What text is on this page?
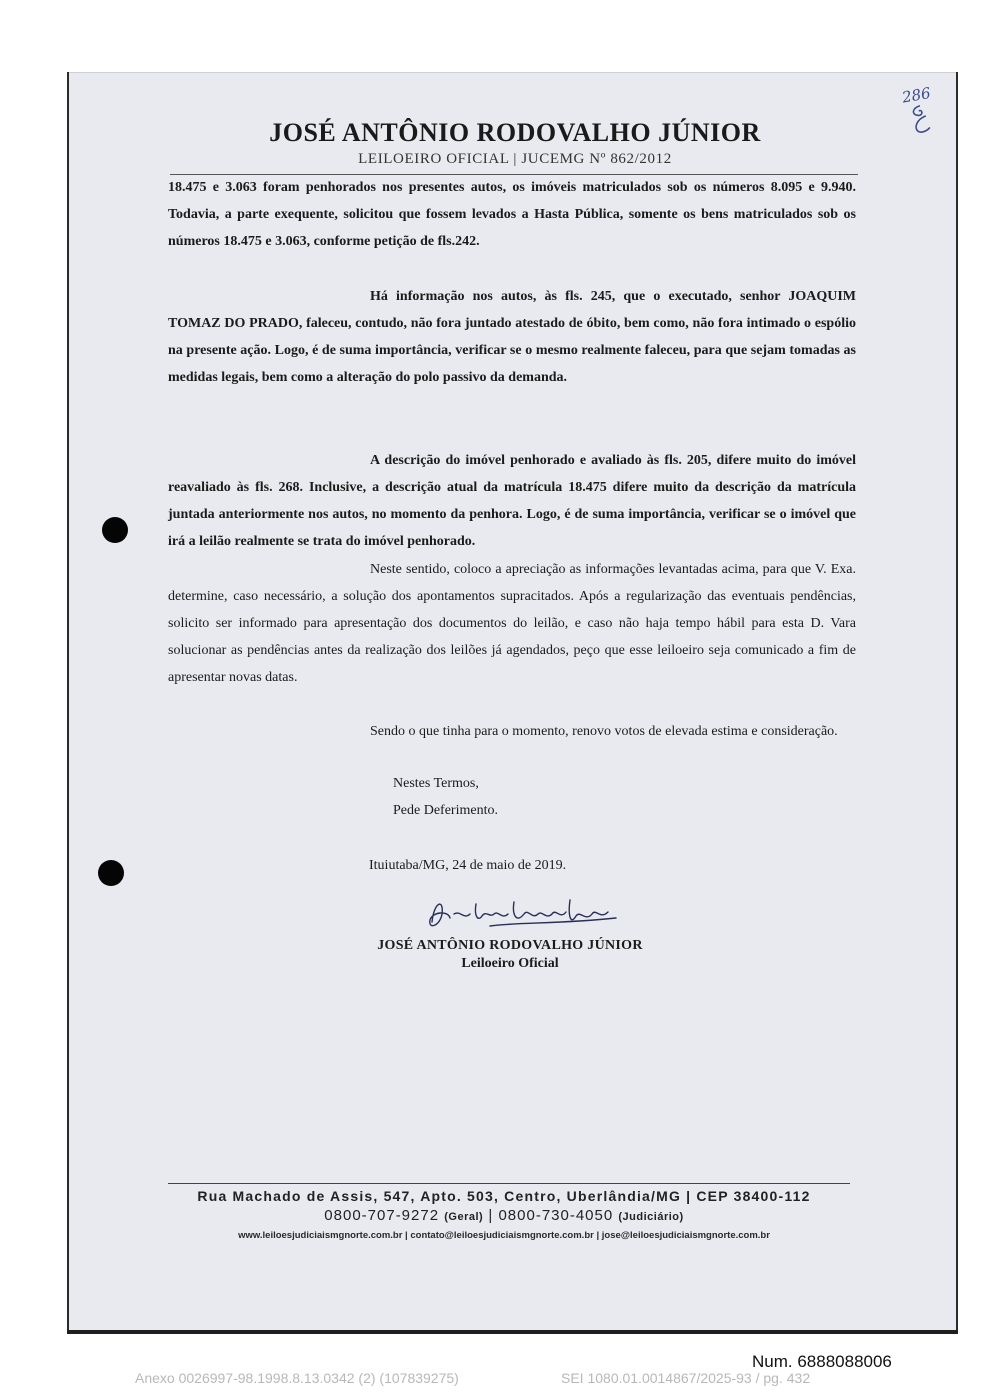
286

JOSÉ ANTÔNIO RODOVALHO JÚNIOR
LEILOEIRO OFICIAL | JUCEMG Nº 862/2012
18.475 e 3.063 foram penhorados nos presentes autos, os imóveis matriculados sob os números 8.095 e 9.940. Todavia, a parte exequente, solicitou que fossem levados a Hasta Pública, somente os bens matriculados sob os números 18.475 e 3.063, conforme petição de fls.242.
Há informação nos autos, às fls. 245, que o executado, senhor JOAQUIM TOMAZ DO PRADO, faleceu, contudo, não fora juntado atestado de óbito, bem como, não fora intimado o espólio na presente ação. Logo, é de suma importância, verificar se o mesmo realmente faleceu, para que sejam tomadas as medidas legais, bem como a alteração do polo passivo da demanda.
A descrição do imóvel penhorado e avaliado às fls. 205, difere muito do imóvel reavaliado às fls. 268. Inclusive, a descrição atual da matrícula 18.475 difere muito da descrição da matrícula juntada anteriormente nos autos, no momento da penhora. Logo, é de suma importância, verificar se o imóvel que irá a leilão realmente se trata do imóvel penhorado.
Neste sentido, coloco a apreciação as informações levantadas acima, para que V. Exa. determine, caso necessário, a solução dos apontamentos supracitados. Após a regularização das eventuais pendências, solicito ser informado para apresentação dos documentos do leilão, e caso não haja tempo hábil para esta D. Vara solucionar as pendências antes da realização dos leilões já agendados, peço que esse leiloeiro seja comunicado a fim de apresentar novas datas.
Sendo o que tinha para o momento, renovo votos de elevada estima e consideração.
Nestes Termos,
Pede Deferimento.
Ituiutaba/MG, 24 de maio de 2019.
JOSÉ ANTÔNIO RODOVALHO JÚNIOR
Leiloeiro Oficial
Rua Machado de Assis, 547, Apto. 503, Centro, Uberlândia/MG | CEP 38400-112
0800-707-9272 (Geral) | 0800-730-4050 (Judiciário)
www.leiloesjudiciaismgnorte.com.br | contato@leiloesjudiciaismgnorte.com.br | jose@leiloesjudiciaismgnorte.com.br
Num. 6888088006
Anexo 0026997-98.1998.8.13.0342 (2) (107839275)	SEI 1080.01.0014867/2025-93 / pg. 432
